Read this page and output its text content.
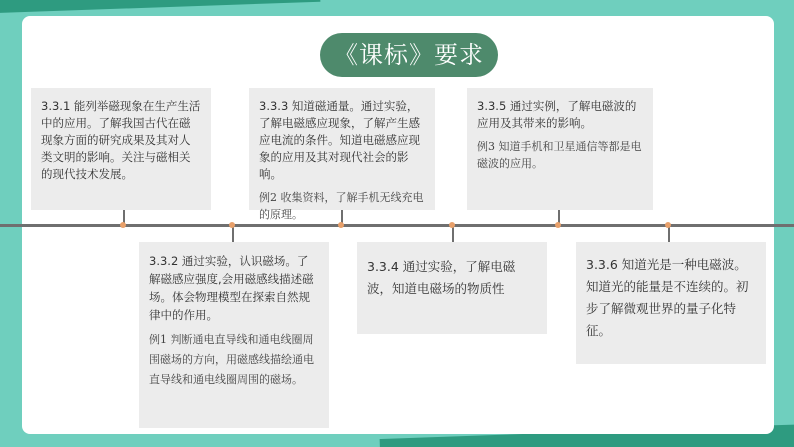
《课标》要求
3.3.1 能列举磁现象在生产生活中的应用。了解我国古代在磁现象方面的研究成果及其对人类文明的影响。关注与磁相关的现代技术发展。
3.3.2 通过实验，认识磁场。了解磁感应强度,会用磁感线描述磁场。体会物理模型在探索自然规律中的作用。
例1 判断通电直导线和通电线圈周围磁场的方向，用磁感线描绘通电直导线和通电线圈周围的磁场。
3.3.3 知道磁通量。通过实验，了解电磁感应现象，了解产生感应电流的条件。知道电磁感应现象的应用及其对现代社会的影响。
例2 收集资料，了解手机无线充电的原理。
3.3.4 通过实验，了解电磁波，知道电磁场的物质性
3.3.5 通过实例，了解电磁波的应用及其带来的影响。
例3 知道手机和卫星通信等都是电磁波的应用。
3.3.6 知道光是一种电磁波。知道光的能量是不连续的。初步了解微观世界的量子化特征。
